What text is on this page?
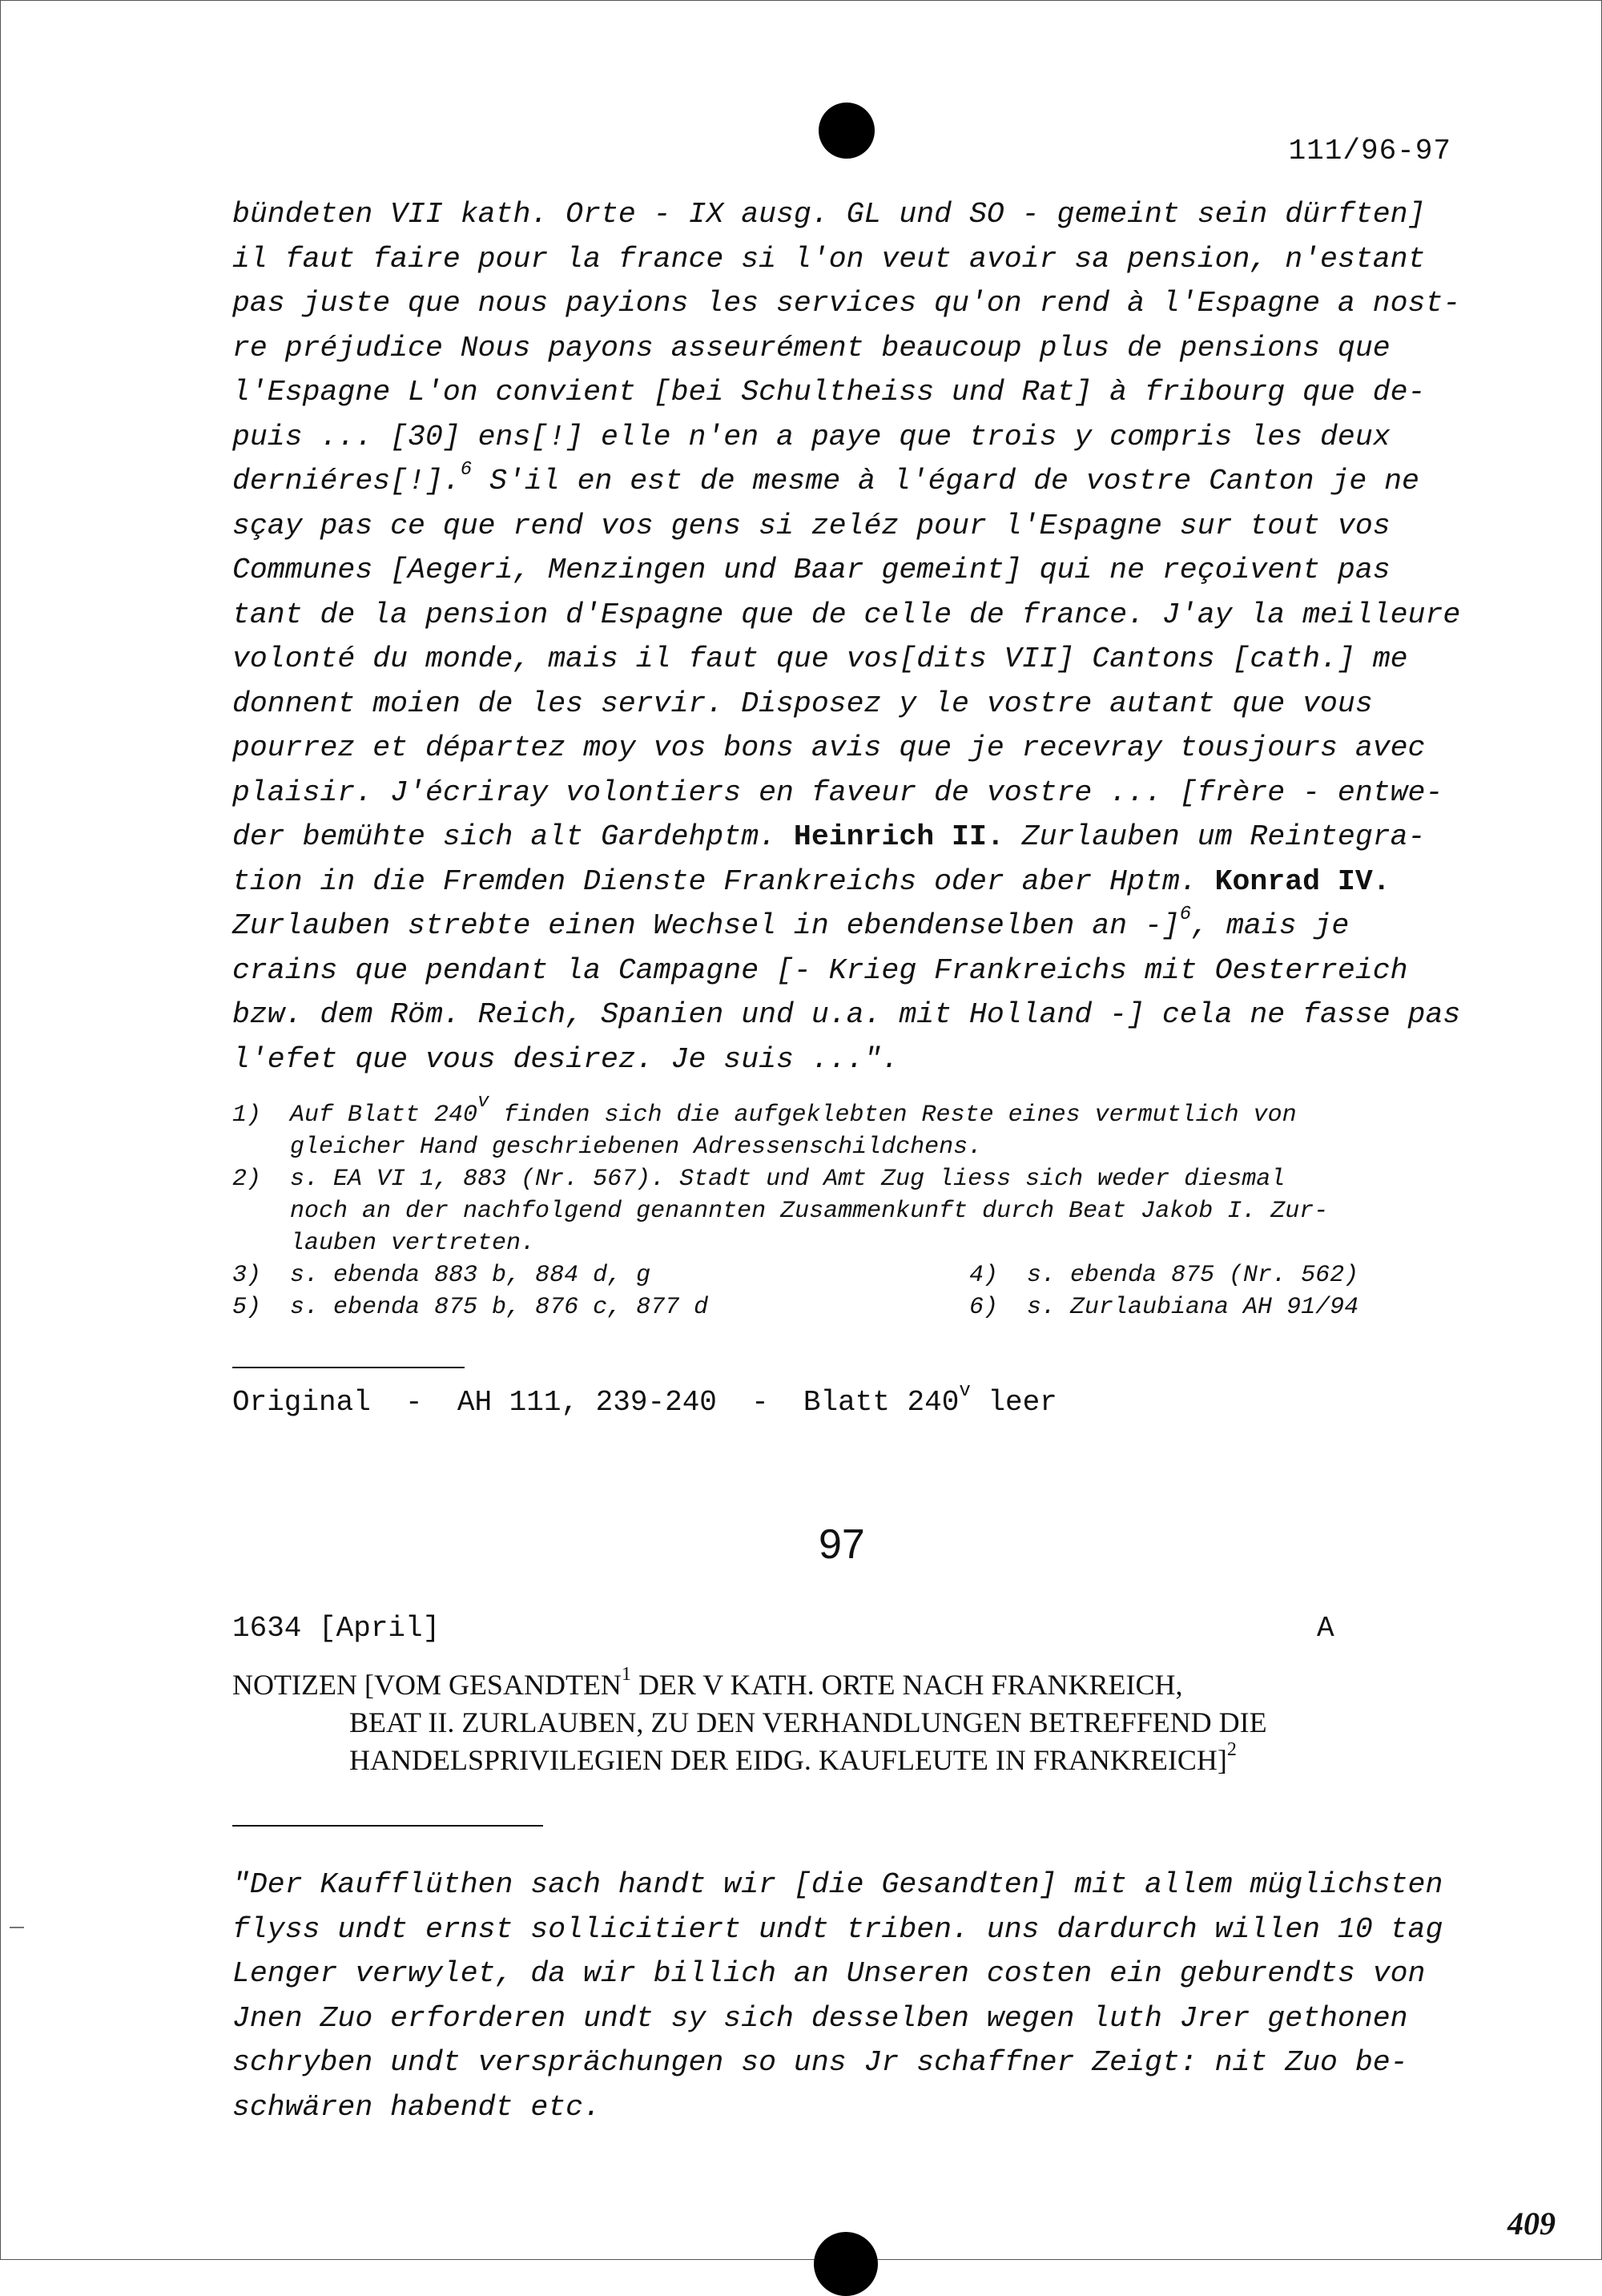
111/96-97
bündeten VII kath. Orte - IX ausg. GL und SO - gemeint sein dürften]
il faut faire pour la france si l'on veut avoir sa pension, n'estant
pas juste que nous payions les services qu'on rend à l'Espagne a nost-
re préjudice Nous payons asseurément beaucoup plus de pensions que
l'Espagne L'on convient [bei Schultheiss und Rat] à fribourg que de-
puis ... [30] ens[!] elle n'en a paye que trois y compris les deux
derniéres[!].$^6$ S'il en est de mesme à l'égard de vostre Canton je ne
sçay pas ce que rend vos gens si zeléz pour l'Espagne sur tout vos
Communes [Aegeri, Menzingen und Baar gemeint] qui ne reçoivent pas
tant de la pension d'Espagne que de celle de france. J'ay la meilleure
volonté du monde, mais il faut que vos[dits VII] Cantons [cath.] me
donnent moien de les servir. Disposez y le vostre autant que vous
pourrez et départez moy vos bons avis que je recevray tousjours avec
plaisir. J'écriray volontiers en faveur de vostre ... [frère - entwe-
der bemühte sich alt Gardehptm. Heinrich II. Zurlauben um Reintegra-
tion in die Fremden Dienste Frankreichs oder aber Hptm. Konrad IV.
Zurlauben strebte einen Wechsel in ebendenselben an -]$^6$, mais je
crains que pendant la Campagne [- Krieg Frankreichs mit Oesterreich
bzw. dem Röm. Reich, Spanien und u.a. mit Holland -] cela ne fasse pas
l'efet que vous desirez. Je suis ...".
1)  Auf Blatt 240$^v$ finden sich die aufgeklebten Reste eines vermutlich von
gleicher Hand geschriebenen Adressenschildchens.
2)  s. EA VI 1, 883 (Nr. 567). Stadt und Amt Zug liess sich weder diesmal
noch an der nachfolgend genannten Zusammenkunft durch Beat Jakob I. Zur-
lauben vertreten.
3)  s. ebenda 883 b, 884 d, g	4)  s. ebenda 875 (Nr. 562)
5)  s. ebenda 875 b, 876 c, 877 d	6)  s. Zurlaubiana AH 91/94
Original  -  AH 111, 239-240  -  Blatt 240$^v$ leer
97
1634 [April]	A
NOTIZEN [VOM GESANDTEN$^1$ DER V KATH. ORTE NACH FRANKREICH,
BEAT II. ZURLAUBEN, ZU DEN VERHANDLUNGEN BETREFFEND DIE
HANDELSPRIVILEGIEN DER EIDG. KAUFLEUTE IN FRANKREICH]$^2$
"Der Kaufflüthen sach handt wir [die Gesandten] mit allem müglichsten
flyss undt ernst sollicitiert undt triben. uns dardurch willen 10 tag
Lenger verwylet, da wir billich an Unseren costen ein geburendts von
Jnen Zuo erforderen undt sy sich desselben wegen luth Jrer gethonen
schryben undt versprächungen so uns Jr schaffner Zeigt: nit Zuo be-
schwären habendt etc.
409
